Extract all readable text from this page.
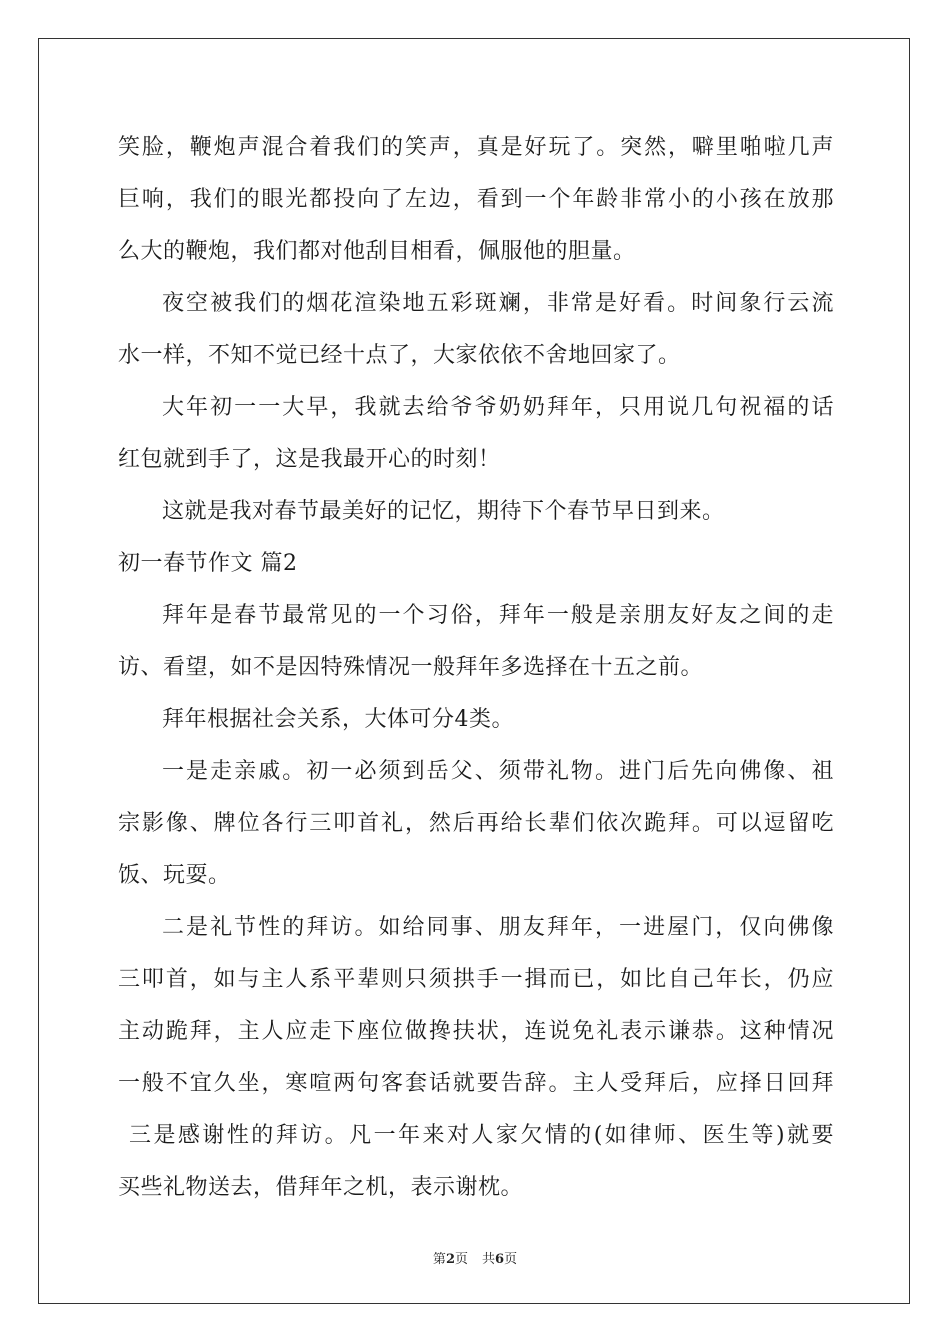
笑脸，鞭炮声混合着我们的笑声，真是好玩了。突然，噼里啪啦几声
巨响，我们的眼光都投向了左边，看到一个年龄非常小的小孩在放那
么大的鞭炮，我们都对他刮目相看，佩服他的胆量。
夜空被我们的烟花渲染地五彩斑斓，非常是好看。时间象行云流
水一样，不知不觉已经十点了，大家依依不舍地回家了。
大年初一一大早，我就去给爷爷奶奶拜年，只用说几句祝福的话
红包就到手了，这是我最开心的时刻！
这就是我对春节最美好的记忆，期待下个春节早日到来。
初一春节作文 篇2
拜年是春节最常见的一个习俗，拜年一般是亲朋友好友之间的走
访、看望，如不是因特殊情况一般拜年多选择在十五之前。
拜年根据社会关系，大体可分4类。
一是走亲戚。初一必须到岳父、须带礼物。进门后先向佛像、祖
宗影像、牌位各行三叩首礼，然后再给长辈们依次跪拜。可以逗留吃
饭、玩耍。
二是礼节性的拜访。如给同事、朋友拜年，一进屋门，仅向佛像
三叩首，如与主人系平辈则只须拱手一揖而已，如比自己年长，仍应
主动跪拜，主人应走下座位做搀扶状，连说免礼表示谦恭。这种情况
一般不宜久坐，寒喧两句客套话就要告辞。主人受拜后，应择日回拜
三是感谢性的拜访。凡一年来对人家欠情的(如律师、医生等)就要
买些礼物送去，借拜年之机，表示谢枕。
第2页 共6页
